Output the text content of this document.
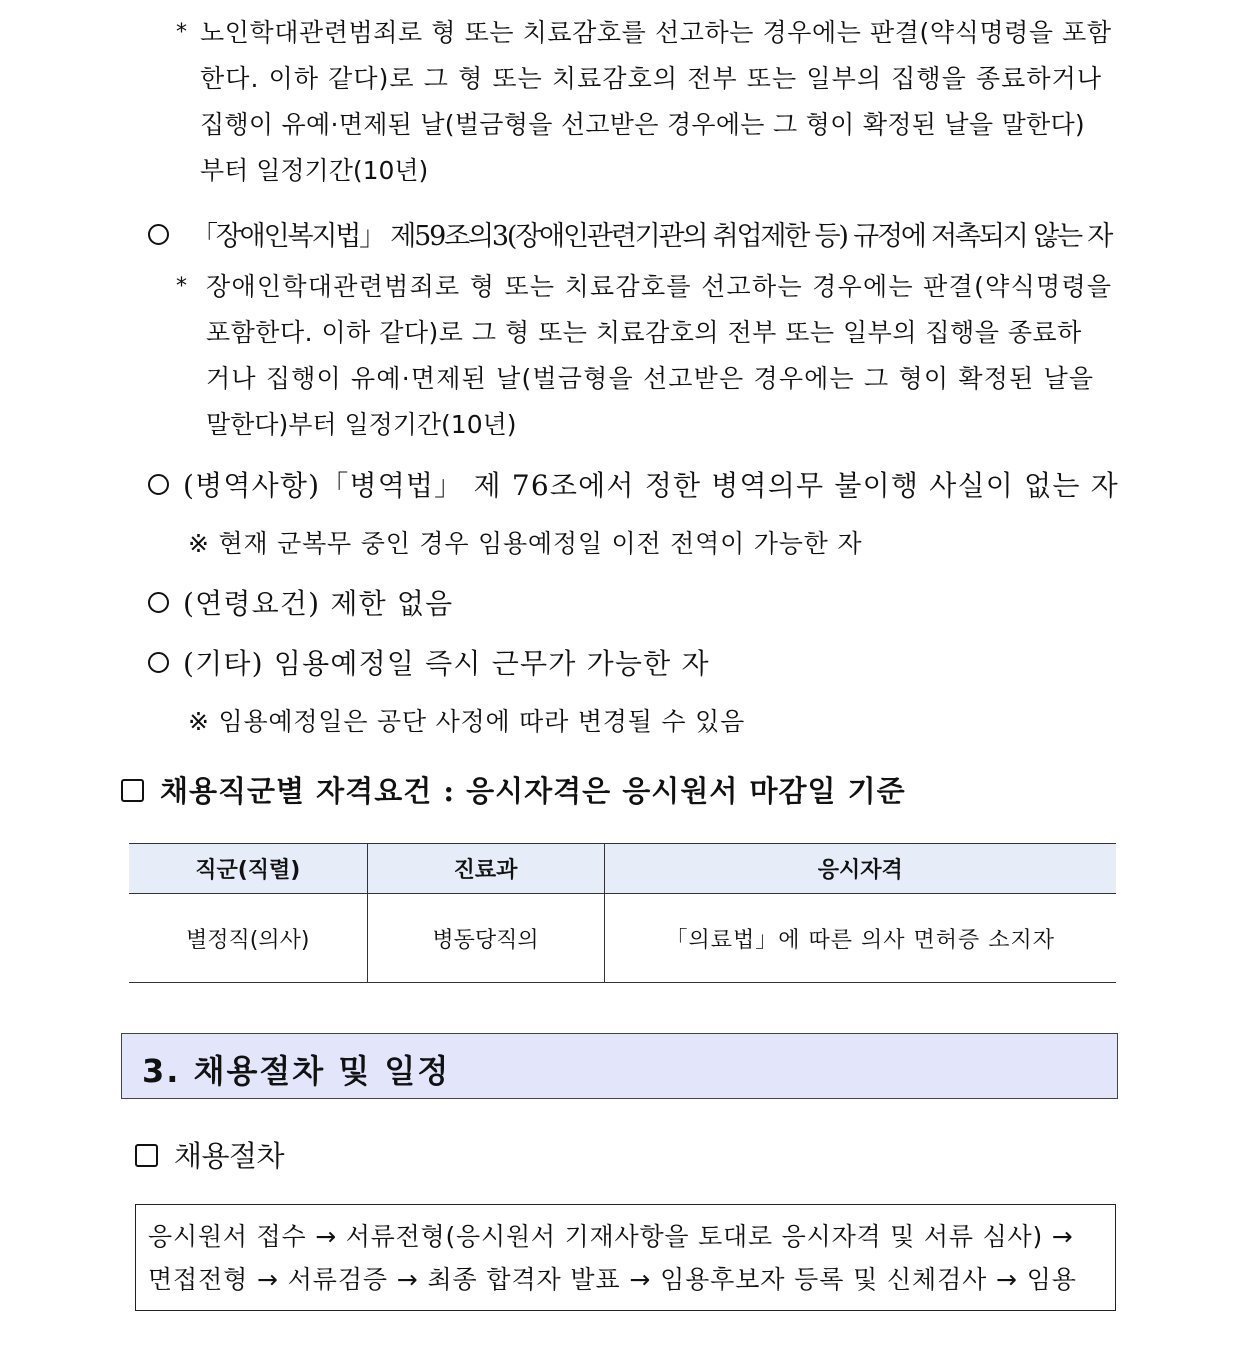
* 노인학대관련범죄로 형 또는 치료감호를 선고하는 경우에는 판결(약식명령을 포함
한다. 이하 같다)로 그 형 또는 치료감호의 전부 또는 일부의 집행을 종료하거나
집행이 유예·면제된 날(벌금형을 선고받은 경우에는 그 형이 확정된 날을 말한다)
부터 일정기간(10년)
「장애인복지법」 제59조의3(장애인관련기관의 취업제한 등) 규정에 저촉되지 않는 자
* 장애인학대관련범죄로 형 또는 치료감호를 선고하는 경우에는 판결(약식명령을
포함한다. 이하 같다)로 그 형 또는 치료감호의 전부 또는 일부의 집행을 종료하
거나 집행이 유예·면제된 날(벌금형을 선고받은 경우에는 그 형이 확정된 날을
말한다)부터 일정기간(10년)
(병역사항)「병역법」 제 76조에서 정한 병역의무 불이행 사실이 없는 자
※ 현재 군복무 중인 경우 임용예정일 이전 전역이 가능한 자
(연령요건) 제한 없음
(기타) 임용예정일 즉시 근무가 가능한 자
※ 임용예정일은 공단 사정에 따라 변경될 수 있음
채용직군별 자격요건 : 응시자격은 응시원서 마감일 기준
직군(직렬)	진료과	응시자격
별정직(의사)	병동당직의	「의료법」에 따른 의사 면허증 소지자
3. 채용절차 및 일정
채용절차
응시원서 접수 → 서류전형(응시원서 기재사항을 토대로 응시자격 및 서류 심사) →
면접전형 → 서류검증 → 최종 합격자 발표 → 임용후보자 등록 및 신체검사 → 임용
